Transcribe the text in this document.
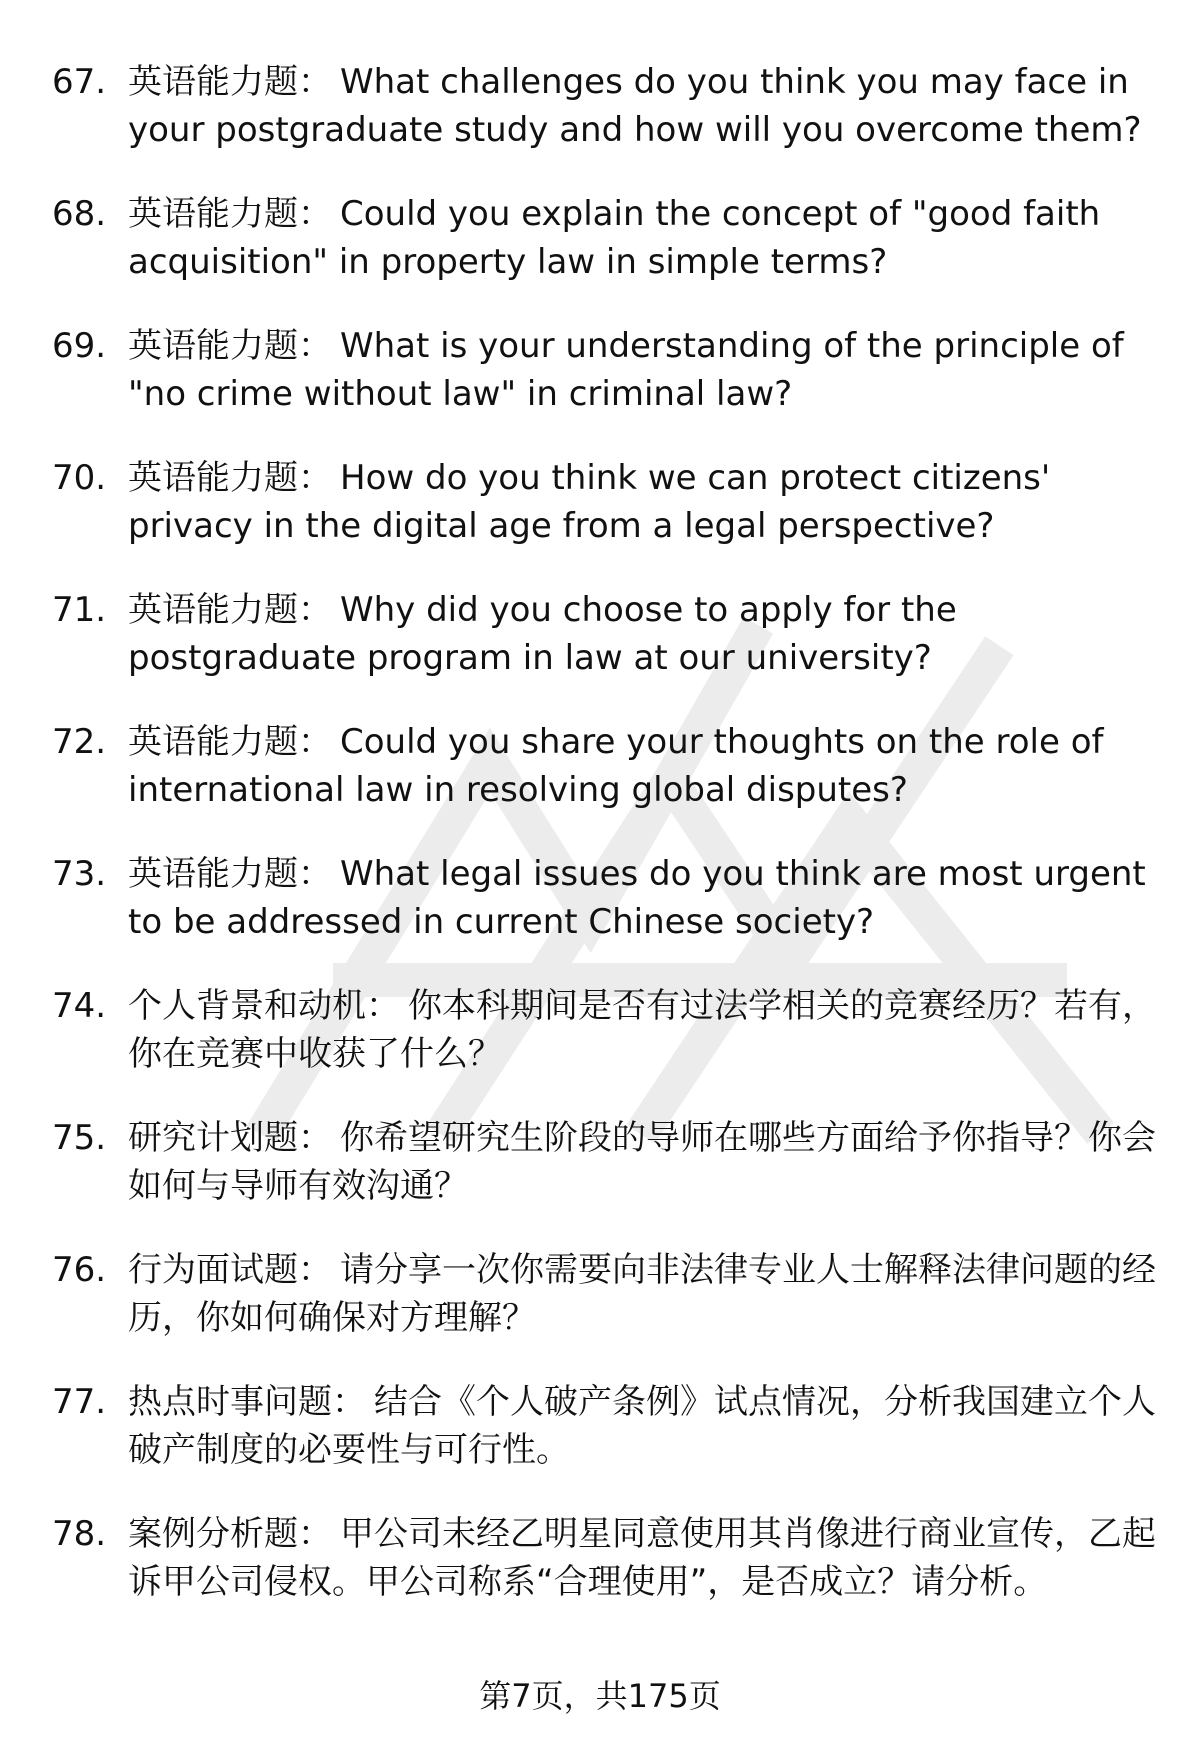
67. 英语能力题： What challenges do you think you may face in your postgraduate study and how will you overcome them?
68. 英语能力题： Could you explain the concept of "good faith acquisition" in property law in simple terms?
69. 英语能力题： What is your understanding of the principle of "no crime without law" in criminal law?
70. 英语能力题： How do you think we can protect citizens' privacy in the digital age from a legal perspective?
71. 英语能力题： Why did you choose to apply for the postgraduate program in law at our university?
72. 英语能力题： Could you share your thoughts on the role of international law in resolving global disputes?
73. 英语能力题： What legal issues do you think are most urgent to be addressed in current Chinese society?
74. 个人背景和动机： 你本科期间是否有过法学相关的竞赛经历？若有，你在竞赛中收获了什么？
75. 研究计划题： 你希望研究生阶段的导师在哪些方面给予你指导？你会如何与导师有效沟通？
76. 行为面试题： 请分享一次你需要向非法律专业人士解释法律问题的经历，你如何确保对方理解？
77. 热点时事问题： 结合《个人破产条例》试点情况，分析我国建立个人破产制度的必要性与可行性。
78. 案例分析题： 甲公司未经乙明星同意使用其肖像进行商业宣传，乙起诉甲公司侵权。甲公司称系“合理使用”，是否成立？请分析。
第7页，共175页
